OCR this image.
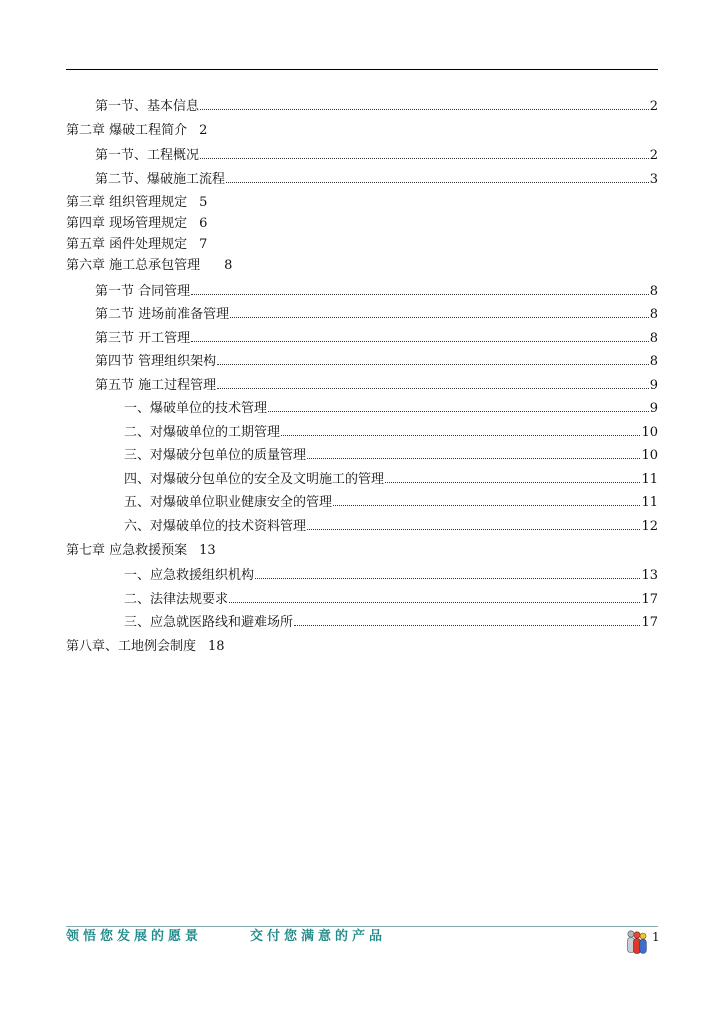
第一节、基本信息	2
第二章 爆破工程简介 2
第一节、工程概况	2
第二节、爆破施工流程	3
第三章 组织管理规定 5
第四章 现场管理规定 6
第五章 函件处理规定 7
第六章 施工总承包管理 8
第一节 合同管理	8
第二节 进场前准备管理	8
第三节 开工管理	8
第四节 管理组织架构	8
第五节 施工过程管理	9
一、爆破单位的技术管理	9
二、对爆破单位的工期管理	10
三、对爆破分包单位的质量管理	10
四、对爆破分包单位的安全及文明施工的管理	11
五、对爆破单位职业健康安全的管理	11
六、对爆破单位的技术资料管理	12
第七章 应急救援预案 13
一、应急救援组织机构	13
二、法律法规要求	17
三、应急就医路线和避难场所	17
第八章、工地例会制度 18
领悟您发展的愿景	交付您满意的产品	1
